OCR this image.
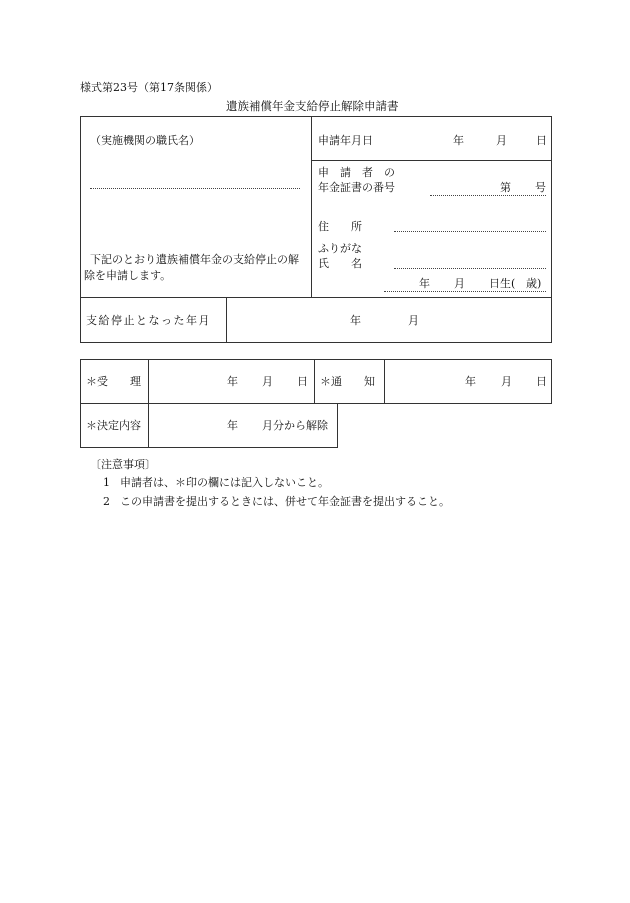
様式第23号（第17条関係）
遺族補償年金支給停止解除申請書
（実施機関の職氏名）
下記のとおり遺族補償年金の支給停止の解
除を申請します。
申請年月日	年	月	日
申　請　者　の
年金証書の番号	第 号
住　　所
ふりがな
氏　　名
年 月 日生( 歳)
支給停止となった年月	年	月
＊受　　理	年 月 日 ＊通　　知	年 月 日
＊決定内容	年 月分から解除
〔注意事項〕
1 申請者は、＊印の欄には記入しないこと。
2 この申請書を提出するときには、併せて年金証書を提出すること。
